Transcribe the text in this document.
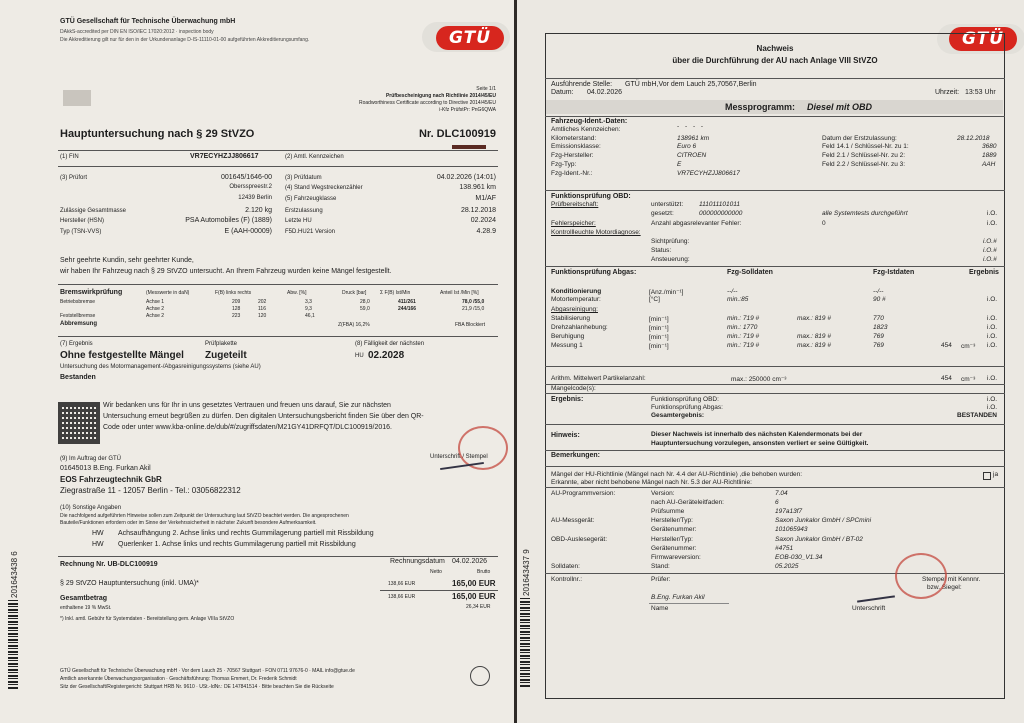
GTÜ Gesellschaft für Technische Überwachung mbH
DAkkS-accredited per DIN EN ISO/IEC 17020:2012 · inspection body
Die Akkreditierung gilt nur für den in der Urkundenanlage D-IS-11110-01-00 aufgeführten Akkreditierungsumfang.	GTÜ
Seite 1/1
Prüfbescheinigung nach Richtlinie 2014/45/EU
Roadworthiness Certificate according to Directive 2014/45/EU
i-Kfz PrüfstPr: PnG6QWA
Hauptuntersuchung nach § 29 StVZO	Nr. DLC100919
(1) FIN	VR7ECYHZJJ806617	(2) Amtl. Kennzeichen
(3) Prüfort	001645/1646-00
Obersspreestr.2
12439 Berlin
(3) Prüfdatum	04.02.2026 (14:01)
(4) Stand Wegstreckenzähler	138.961 km
(5) Fahrzeugklasse	M1/AF
Zulässige Gesamtmasse	2.120 kg Erstzulassung	28.12.2018
Hersteller (HSN)	PSA Automobiles (F) (1889) Letzte HU	02.2024
Typ (TSN-VVS)	E (AAH-00009) F5D.HU21 Version	4.28.9
Sehr geehrte Kundin, sehr geehrter Kunde,
wir haben Ihr Fahrzeug nach § 29 StVZO untersucht. An Ihrem Fahrzeug wurden keine Mängel festgestellt.
Bremswirkprüfung	(Messwerte in daN)	F(B) links rechts	Abw. [%]	Druck [bar]	Σ F(B) Ist/Min	Anteil Ist /Min [%]
Betriebsbremse	Achse 1	209	202	3,3	28,0	411/261	78,0 /55,0
Achse 2	128	116	9,3	59,0	244/166	21,9 /15,0
Feststellbremse	Achse 2	223	120	46,1
Abbremsung	Z(FBA) 16,2%	FBA Blockiert
(7) Ergebnis
Ohne festgestellte Mängel
Prüfplakette
Zugeteilt
(8) Fälligkeit der nächsten
HU 02.2028
Untersuchung des Motormanagement-/Abgasreinigungssystems (siehe AU)
Bestanden
Wir bedanken uns für Ihr in uns gesetztes Vertrauen und freuen uns darauf, Sie zur nächsten
Untersuchung erneut begrüßen zu dürfen. Den digitalen Untersuchungsbericht finden Sie über den QR-
Code oder unter www.kba-online.de/dub/#/zugriffsdaten/M21GY41DRFQT/DLC100919/2016.
(9) Im Auftrag der GTÜ
01645013 B.Eng. Furkan Akil
EOS Fahrzeugtechnik GbR
Ziegrastraße 11 - 12057 Berlin - Tel.: 03056822312
Unterschrift / Stempel
(10) Sonstige Angaben
Die nachfolgend aufgeführten Hinweise sollen zum Zeitpunkt der Untersuchung laut StVZO beachtet werden. Die angesprochenen
Bauteile/Funktionen erfordern oder im Sinne der Verkehrssicherheit in nächster Zukunft besondere Aufmerksamkeit.
HW Achsaufhängung 2. Achse links und rechts Gummilagerung partiell mit Rissbildung
HW Querlenker 1. Achse links und rechts Gummilagerung partiell mit Rissbildung
Rechnung Nr. UB-DLC100919	Rechnungsdatum 04.02.2026
Netto	Brutto
§ 29 StVZO Hauptuntersuchung (inkl. UMA)*	138,66 EUR	165,00 EUR
Gesamtbetrag	138,66 EUR	165,00 EUR
enthaltene 19 % MwSt.	26,34 EUR
*) Inkl. amtl. Gebühr für Systemdaten - Bereitstellung gem. Anlage VIIIa StVZO
GTÜ Gesellschaft für Technische Überwachung mbH · Vor dem Lauch 25 · 70567 Stuttgart · FON 0711 97676-0 · MAIL info@gtue.de
Amtlich anerkannte Überwachungsorganisation · Geschäftsführung: Thomas Emmert, Dr. Frederik Schmidt
Sitz der Gesellschaft/Registergericht: Stuttgart HRB Nr. 9610 · USt.-IdNr.: DE 147841514 · Bitte beachten Sie die Rückseite
201643438 6
GTÜ
Nachweis
über die Durchführung der AU nach Anlage VIII StVZO
Ausführende Stelle: GTÜ mbH,Vor dem Lauch 25,70567,Berlin
Datum: 04.02.2026	Uhrzeit: 13:53 Uhr
Messprogramm: Diesel mit OBD
Fahrzeug-Ident.-Daten:
Amtliches Kennzeichen:	- - - -
Kilometerstand:	138961 km	Datum der Erstzulassung:	28.12.2018
Emissionsklasse:	Euro 6	Feld 14.1 / Schlüssel-Nr. zu 1:	3680
Fzg-Hersteller:	CITROEN	Feld 2.1 / Schlüssel-Nr. zu 2:	1889
Fzg-Typ:	E	Feld 2.2 / Schlüssel-Nr. zu 3:	AAH
Fzg-Ident.-Nr.:	VR7ECYHZJJ806617
Funktionsprüfung OBD:
Prüfbereitschaft:	unterstützt: 111011101011
gesetzt:	000000000000	alle Systemtests durchgeführt	i.O.
Fehlerspeicher:	Anzahl abgasrelevanter Fehler:	0	i.O.
Kontrollleuchte Motordiagnose:
Sichtprüfung:	i.O.#
Status:	i.O.#
Ansteuerung:	i.O.#
Funktionsprüfung Abgas:	Fzg-Solldaten	Fzg-Istdaten	Ergebnis
Konditionierung	[Anz./min⁻¹]	--/--	--/--
Motortemperatur:	[°C]	min.:85	90 #	i.O.
Abgasreinigung:
Stabilisierung	[min⁻¹]	min.: 719 #	max.: 819 #	770	i.O.
Drehzahlanhebung:	[min⁻¹]	min.: 1770	1823	i.O.
Beruhigung	[min⁻¹]	min.: 719 #	max.: 819 #	769	i.O.
Messung 1	[min⁻¹]	min.: 719 #	max.: 819 #	769	454 cm⁻³ i.O.
Arithm. Mittelwert Partikelanzahl:	max.: 250000 cm⁻³	454 cm⁻³ i.O.
Mangelcode(s):
Ergebnis:	Funktionsprüfung OBD:	i.O.
Funktionsprüfung Abgas:	i.O.
Gesamtergebnis:	BESTANDEN
Hinweis:	Dieser Nachweis ist innerhalb des nächsten Kalendermonats bei der
Hauptuntersuchung vorzulegen, ansonsten verliert er seine Gültigkeit.
Bemerkungen:
Mängel der HU-Richtlinie (Mängel nach Nr. 4.4 der AU-Richtlinie) ,die behoben wurden:	ja
Erkannte, aber nicht behobene Mängel nach Nr. 5.3 der AU-Richtlinie:
AU-Programmversion:	Version:	7.04
nach AU-Geräteleitfaden:	6
Prüfsumme	197a13f7
AU-Messgerät:	Hersteller/Typ:	Saxon Junkalor GmbH / SPCmini
Gerätenummer:	101065943
OBD-Auslesegerät:	Hersteller/Typ:	Saxon Junkalor GmbH / BT-02
Gerätenummer:	#4751
Firmwareversion:	EOB-030_V1.34
Solldaten:	Stand:	05.2025
Kontrollnr.:	Prüfer:
B.Eng. Furkan Akil
Name	Unterschrift
Stempel mit Kennnr.
bzw. Siegel:
201643437 9
